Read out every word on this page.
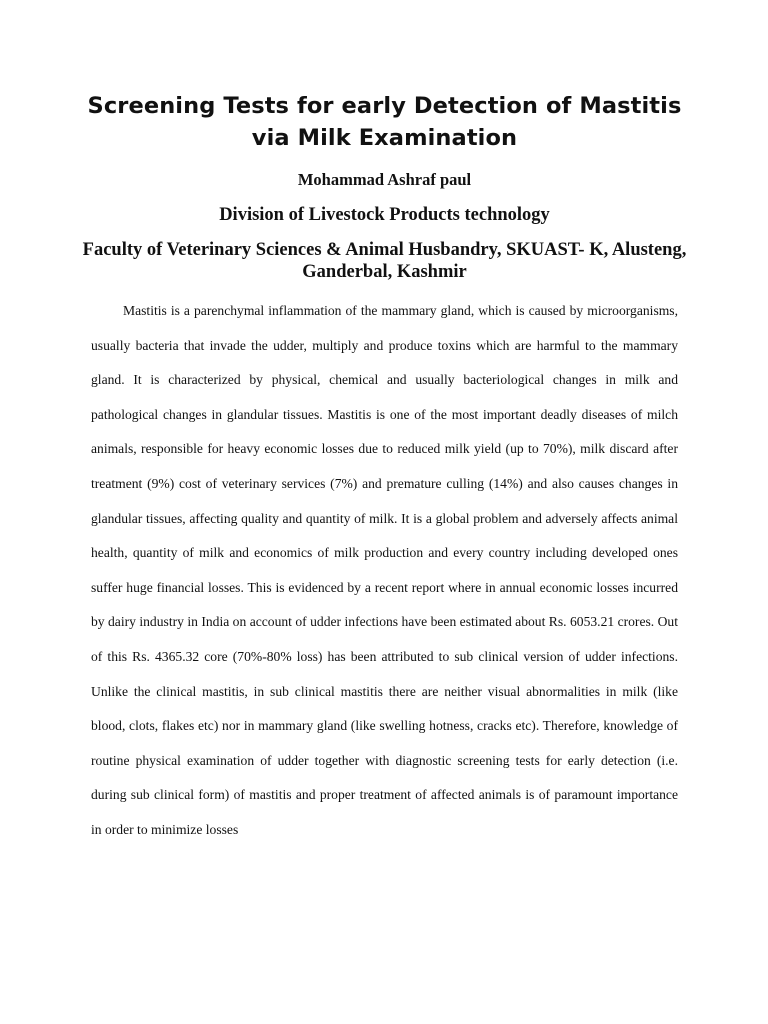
Screening Tests for early Detection of Mastitis via Milk Examination
Mohammad Ashraf paul
Division of Livestock Products technology
Faculty of Veterinary Sciences & Animal Husbandry, SKUAST- K, Alusteng, Ganderbal, Kashmir

Mastitis is a parenchymal inflammation of the mammary gland, which is caused by microorganisms, usually bacteria that invade the udder, multiply and produce toxins which are harmful to the mammary gland. It is characterized by physical, chemical and usually bacteriological changes in milk and pathological changes in glandular tissues. Mastitis is one of the most important deadly diseases of milch animals, responsible for heavy economic losses due to reduced milk yield (up to 70%), milk discard after treatment (9%) cost of veterinary services (7%) and premature culling (14%) and also causes changes in glandular tissues, affecting quality and quantity of milk. It is a global problem and adversely affects animal health, quantity of milk and economics of milk production and every country including developed ones suffer huge financial losses. This is evidenced by a recent report where in annual economic losses incurred by dairy industry in India on account of udder infections have been estimated about Rs. 6053.21 crores. Out of this Rs. 4365.32 core (70%-80% loss) has been attributed to sub clinical version of udder infections. Unlike the clinical mastitis, in sub clinical mastitis there are neither visual abnormalities in milk (like blood, clots, flakes etc) nor in mammary gland (like swelling hotness, cracks etc). Therefore, knowledge of routine physical examination of udder together with diagnostic screening tests for early detection (i.e. during sub clinical form) of mastitis and proper treatment of affected animals is of paramount importance in order to minimize losses
